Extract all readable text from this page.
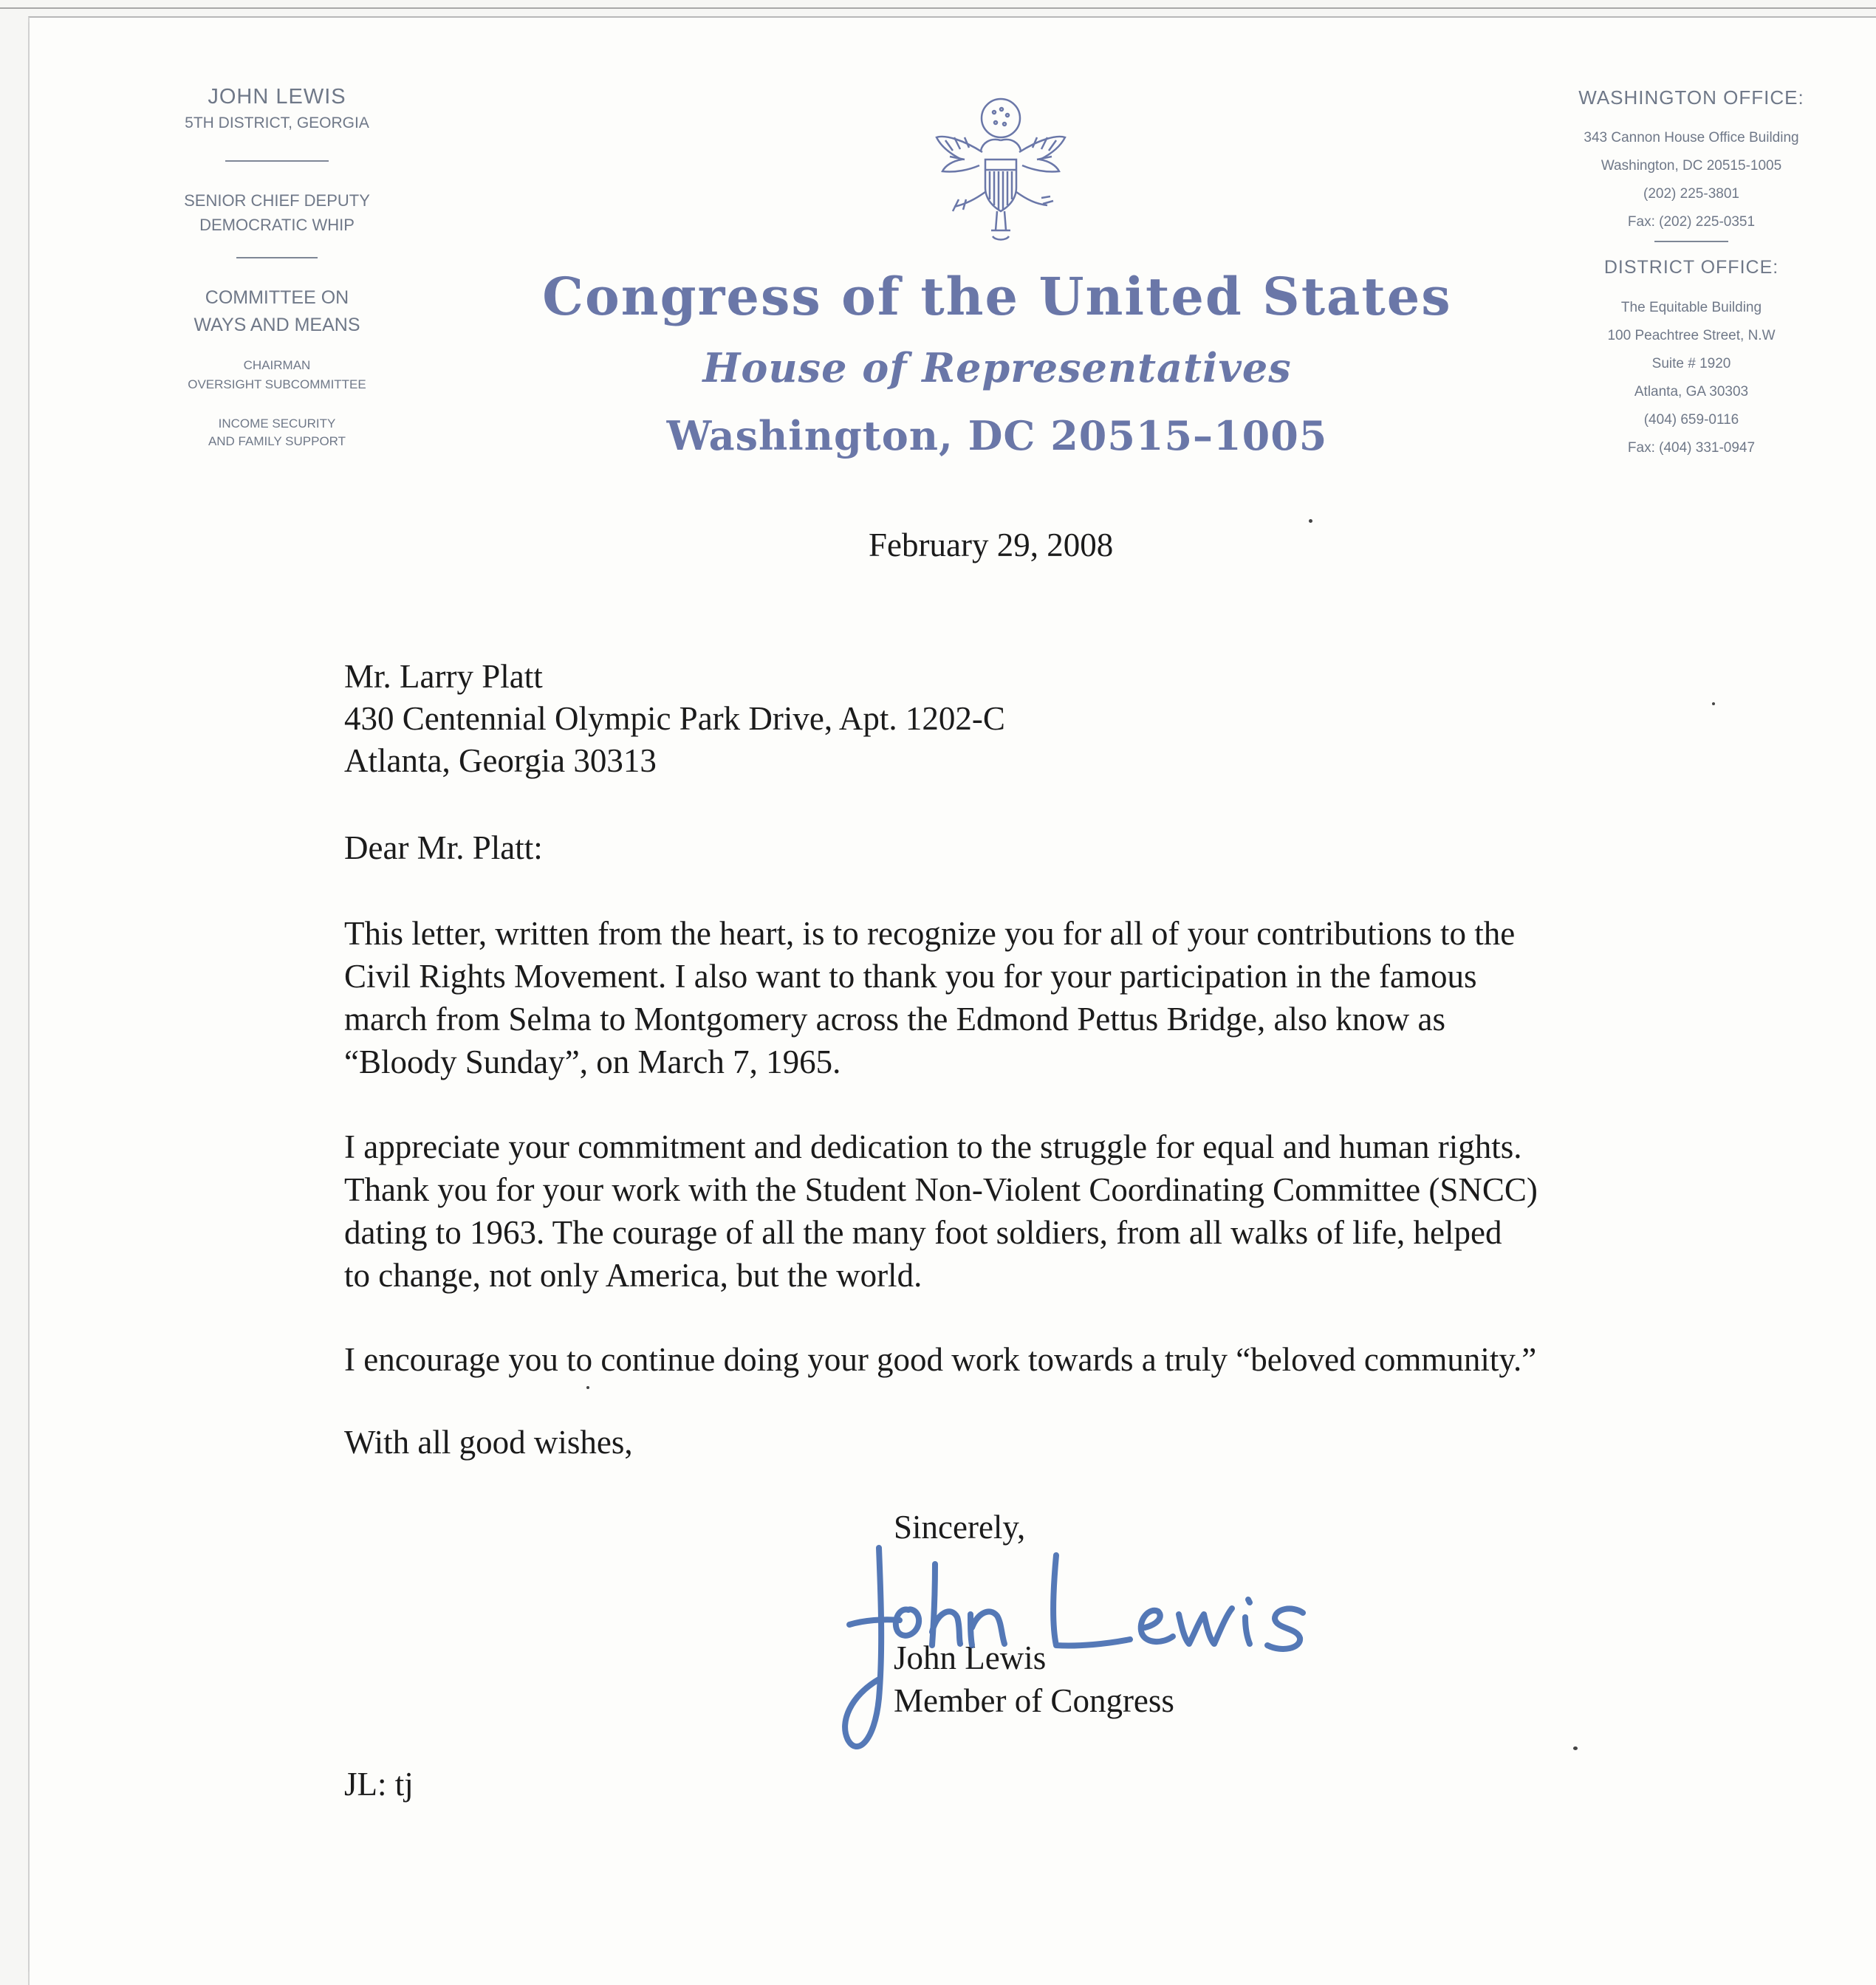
JOHN LEWIS
5TH DISTRICT, GEORGIA
SENIOR CHIEF DEPUTY
DEMOCRATIC WHIP
COMMITTEE ON
WAYS AND MEANS
CHAIRMAN
OVERSIGHT SUBCOMMITTEE
INCOME SECURITY
AND FAMILY SUPPORT
Congress of the United States
House of Representatives
Washington, DC 20515–1005
WASHINGTON OFFICE:
343 Cannon House Office Building
Washington, DC 20515-1005
(202) 225-3801
Fax: (202) 225-0351
DISTRICT OFFICE:
The Equitable Building
100 Peachtree Street, N.W
Suite # 1920
Atlanta, GA 30303
(404) 659-0116
Fax: (404) 331-0947
February 29, 2008
Mr. Larry Platt
430 Centennial Olympic Park Drive, Apt. 1202-C
Atlanta, Georgia 30313
Dear Mr. Platt:
This letter, written from the heart, is to recognize you for all of your contributions to the
Civil Rights Movement. I also want to thank you for your participation in the famous
march from Selma to Montgomery across the Edmond Pettus Bridge, also know as
“Bloody Sunday”, on March 7, 1965.
I appreciate your commitment and dedication to the struggle for equal and human rights.
Thank you for your work with the Student Non-Violent Coordinating Committee (SNCC)
dating to 1963. The courage of all the many foot soldiers, from all walks of life, helped
to change, not only America, but the world.
I encourage you to continue doing your good work towards a truly “beloved community.”
With all good wishes,
Sincerely,
John Lewis
Member of Congress
JL: tj
